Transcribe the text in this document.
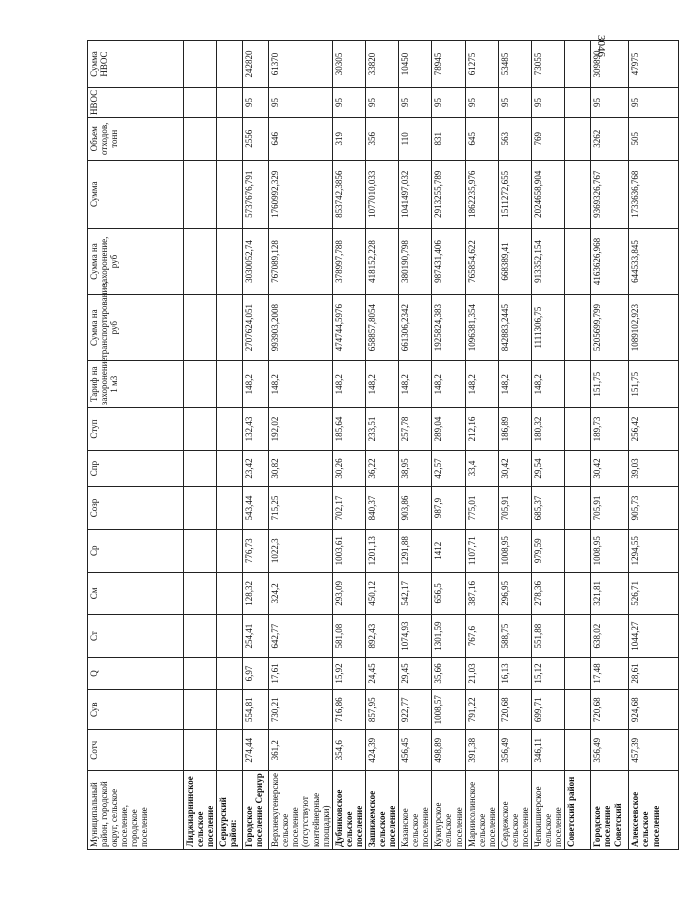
3046
Муниципальный район, городской округ, сельское поселение, городское поселение	Сотч	Сув	Q	Ст	См	Ср	Созр	Спр	Ступ	Тариф на захоронение 1 м3	Сумма на транспортирование, руб	Сумма на захоронение, руб	Сумма	Объем отходов, тонн	НВОС	Сумма НВОС
Лиджиарнинское сельское поселение																
Сериурский район:																
Городское поселение Сериур	274,44	554,81	6,97	254,41	128,32	776,73	543,44	23,42	132,43	148,2	2707624,051	3030052,74	5737676,791	2556	95	242820
Верхнекугенерское сельское поселение (отсутствуют контейнерные площадки)	361,2	730,21	17,61	642,77	324,2	1022,3	715,25	30,82	192,02	148,2	993903,2008	767089,128	1760992,329	646	95	61370
Дубниковское сельское поселение	354,6	716,86	15,92	581,08	293,09	1003,61	702,17	30,26	185,64	148,2	474744,5976	378997,788	853742,3856	319	95	30305
Зашижемское сельское поселение	424,39	857,95	24,45	892,43	450,12	1201,13	840,37	36,22	233,51	148,2	658857,8054	418152,228	1077010,033	356	95	33820
Казанское сельское поселение	456,45	922,77	29,45	1074,93	542,17	1291,88	903,86	38,95	257,78	148,2	661306,2342	380190,798	1041497,032	110	95	10450
Кукнурское сельское поселение	498,89	1008,57	35,66	1301,59	656,5	1412	987,9	42,57	289,04	148,2	1925824,383	987431,406	2913255,789	831	95	78945
Мариисолинское сельское поселение	391,38	791,22	21,03	767,6	387,16	1107,71	775,01	33,4	212,16	148,2	1096381,354	765854,622	1862235,976	645	95	61275
Сердежское сельское поселение	356,49	720,68	16,13	588,75	296,95	1008,95	705,91	30,42	186,89	148,2	842883,2445	668389,41	1511272,655	563	95	53485
Чепкишиерское сельское поселение	346,11	699,71	15,12	551,88	278,36	979,59	685,37	29,54	180,32	148,2	1111306,75	913352,154	2024658,904	769	95	73055
Советский район																
Городское поселение Советский	356,49	720,68	17,48	638,02	321,81	1008,95	705,91	30,42	189,73	151,75	5205699,799	4163626,968	9369326,767	3262	95	309890
Алексеевское сельское поселение	457,39	924,68	28,61	1044,27	526,71	1294,55	905,73	39,03	256,42	151,75	1089102,923	644533,845	1733636,768	505	95	47975
